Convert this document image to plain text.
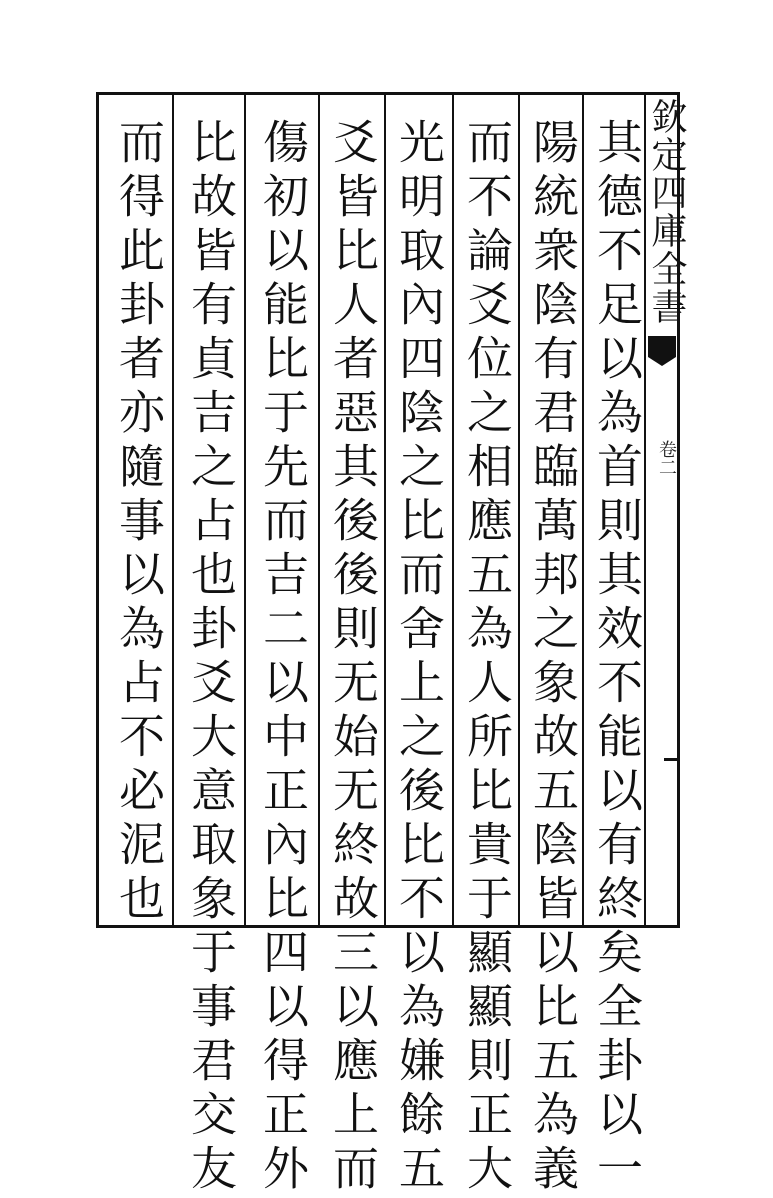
欽定四庫全書
卷二
其德不足以為首則其效不能以有終矣全卦以一
陽統衆陰有君臨萬邦之象故五陰皆以比五為義
而不論爻位之相應五為人所比貴于顯顯則正大
光明取內四陰之比而舍上之後比不以為嫌餘五
爻皆比人者惡其後後則无始无終故三以應上而
傷初以能比于先而吉二以中正內比四以得正外
比故皆有貞吉之占也卦爻大意取象于事君交友
而得此卦者亦隨事以為占不必泥也
